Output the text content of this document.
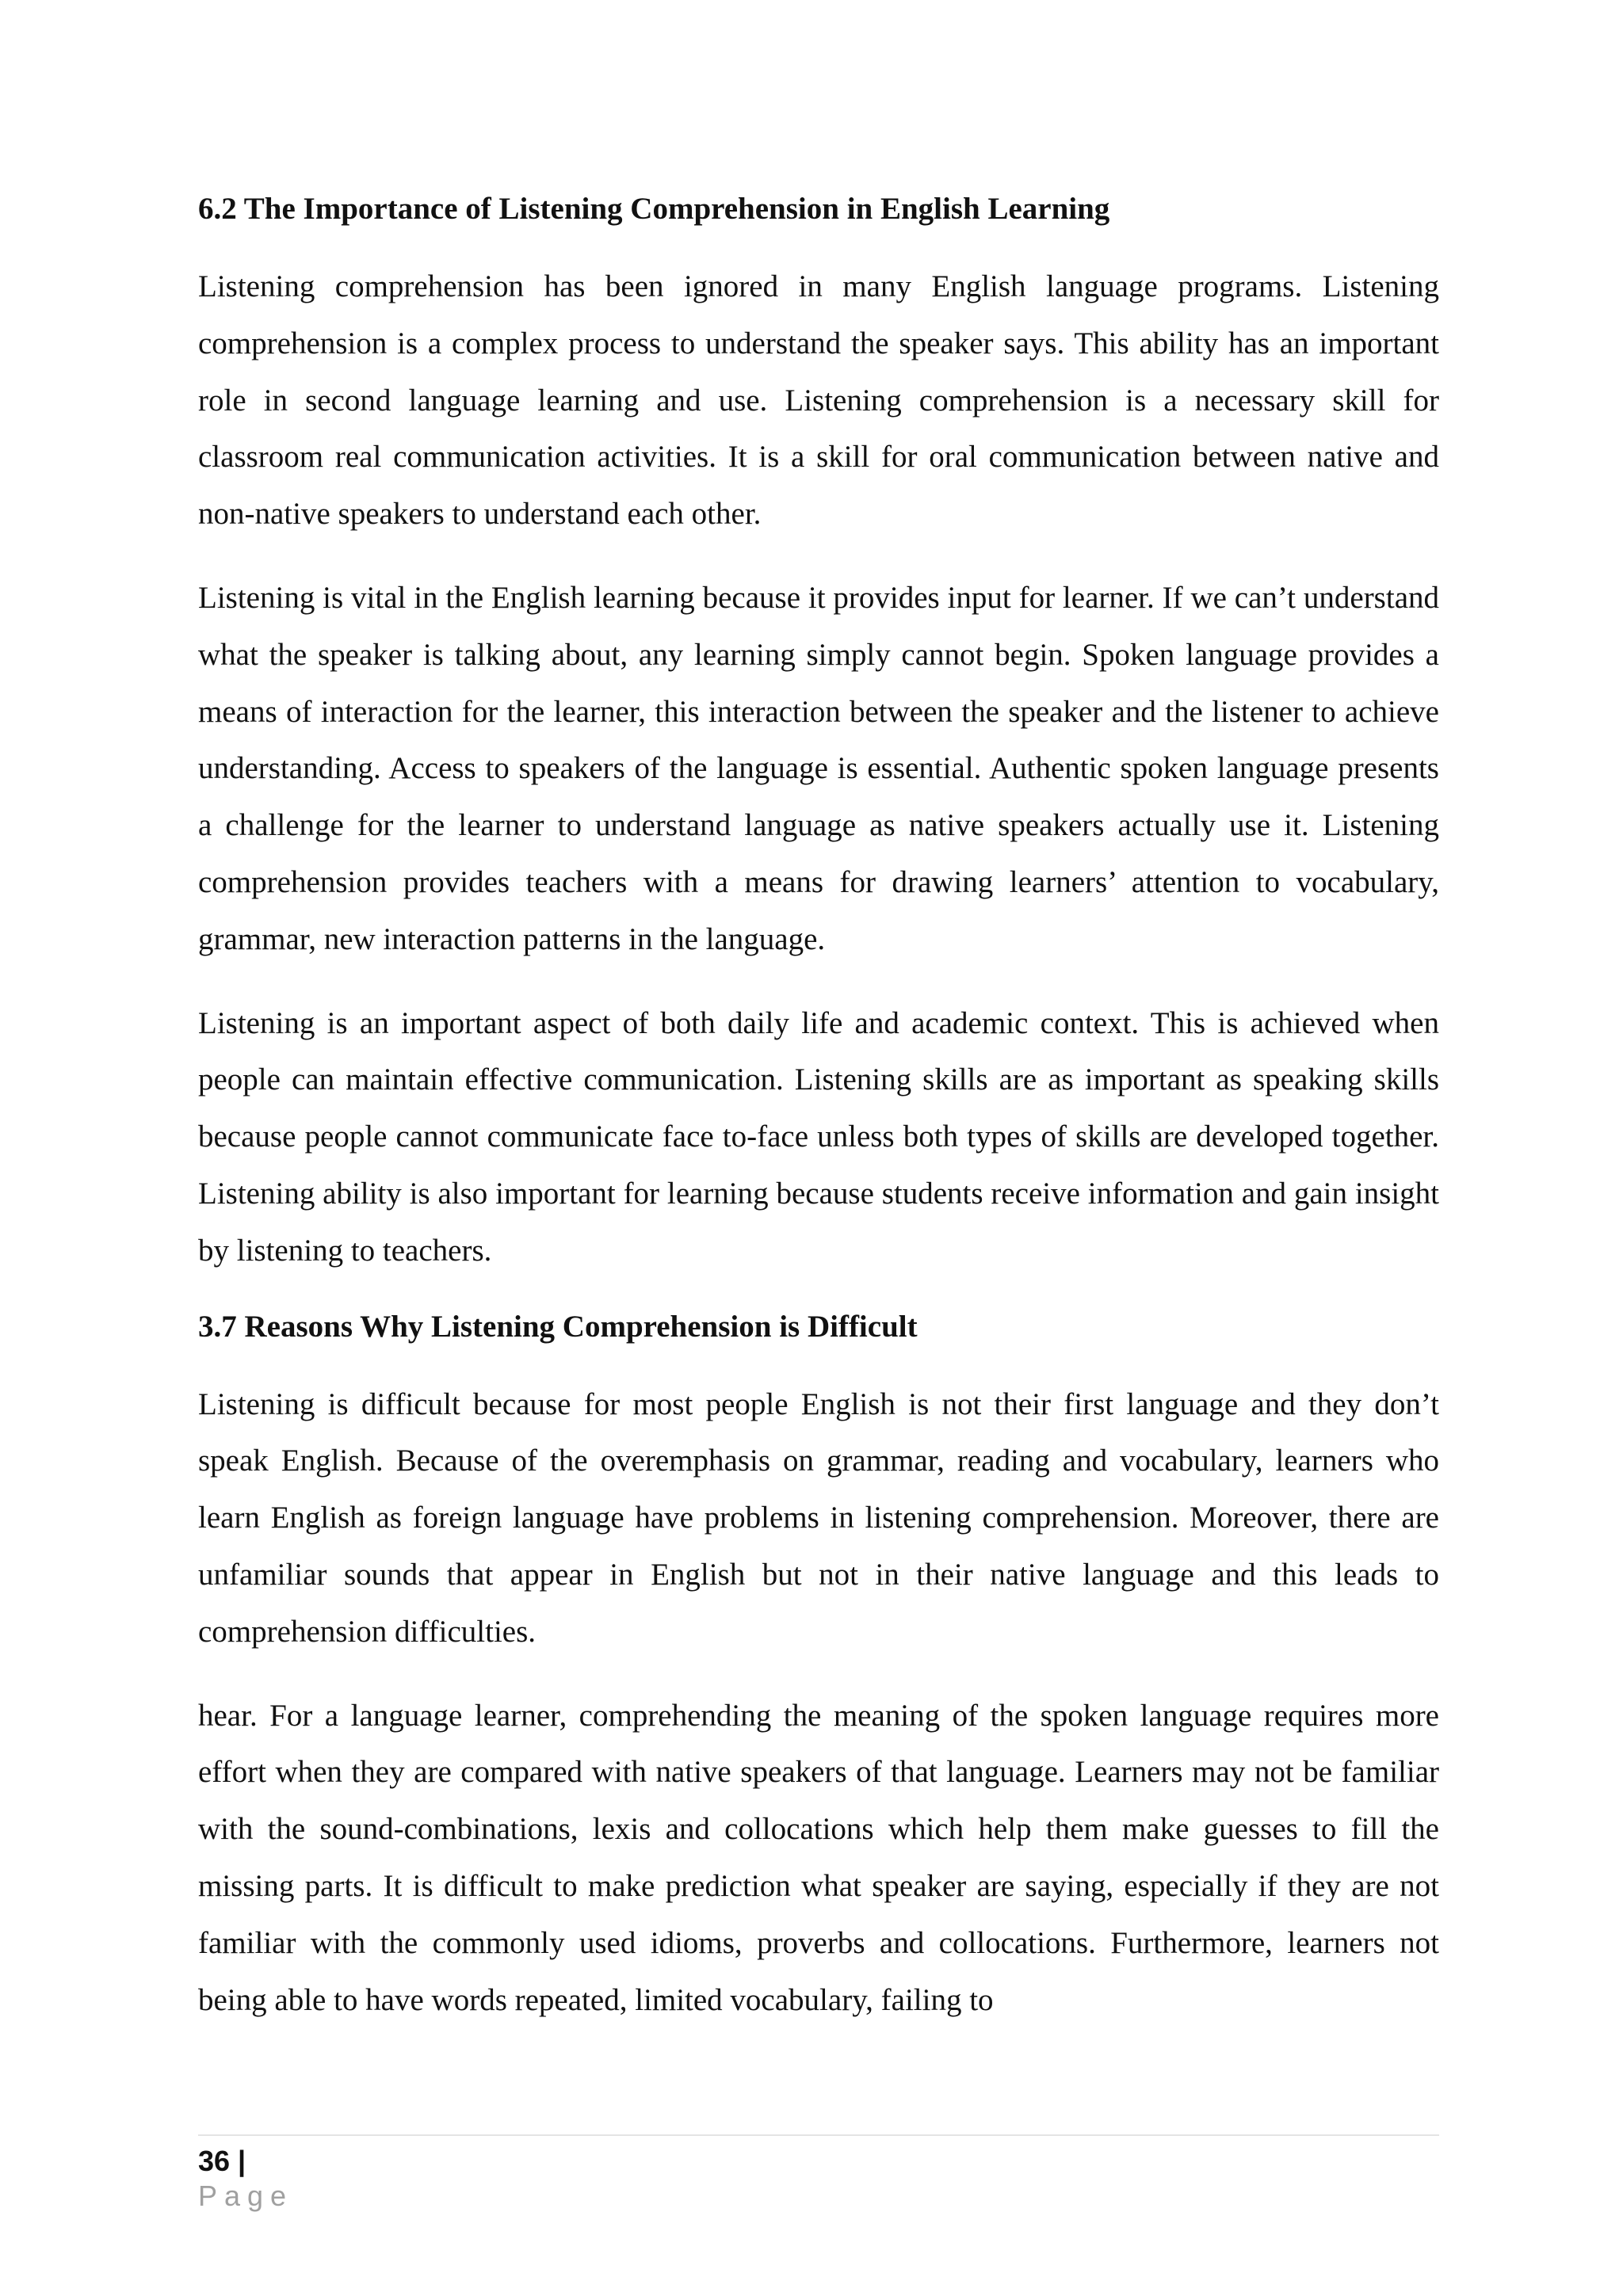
6.2 The Importance of Listening Comprehension in English Learning

Listening comprehension has been ignored in many English language programs. Listening comprehension is a complex process to understand the speaker says. This ability has an important role in second language learning and use. Listening comprehension is a necessary skill for classroom real communication activities. It is a skill for oral communication between native and non-native speakers to understand each other.

Listening is vital in the English learning because it provides input for learner. If we can’t understand what the speaker is talking about, any learning simply cannot begin. Spoken language provides a means of interaction for the learner, this interaction between the speaker and the listener to achieve understanding. Access to speakers of the language is essential. Authentic spoken language presents a challenge for the learner to understand language as native speakers actually use it. Listening comprehension provides teachers with a means for drawing learners’ attention to vocabulary, grammar, new interaction patterns in the language.

Listening is an important aspect of both daily life and academic context. This is achieved when people can maintain effective communication. Listening skills are as important as speaking skills because people cannot communicate face to-face unless both types of skills are developed together. Listening ability is also important for learning because students receive information and gain insight by listening to teachers.

3.7 Reasons Why Listening Comprehension is Difficult

Listening is difficult because for most people English is not their first language and they don’t speak English. Because of the overemphasis on grammar, reading and vocabulary, learners who learn English as foreign language have problems in listening comprehension. Moreover, there are unfamiliar sounds that appear in English but not in their native language and this leads to comprehension difficulties.

hear. For a language learner, comprehending the meaning of the spoken language requires more effort when they are compared with native speakers of that language. Learners may not be familiar with the sound-combinations, lexis and collocations which help them make guesses to fill the missing parts. It is difficult to make prediction what speaker are saying, especially if they are not familiar with the commonly used idioms, proverbs and collocations. Furthermore, learners not being able to have words repeated, limited vocabulary, failing to

36 | Page
